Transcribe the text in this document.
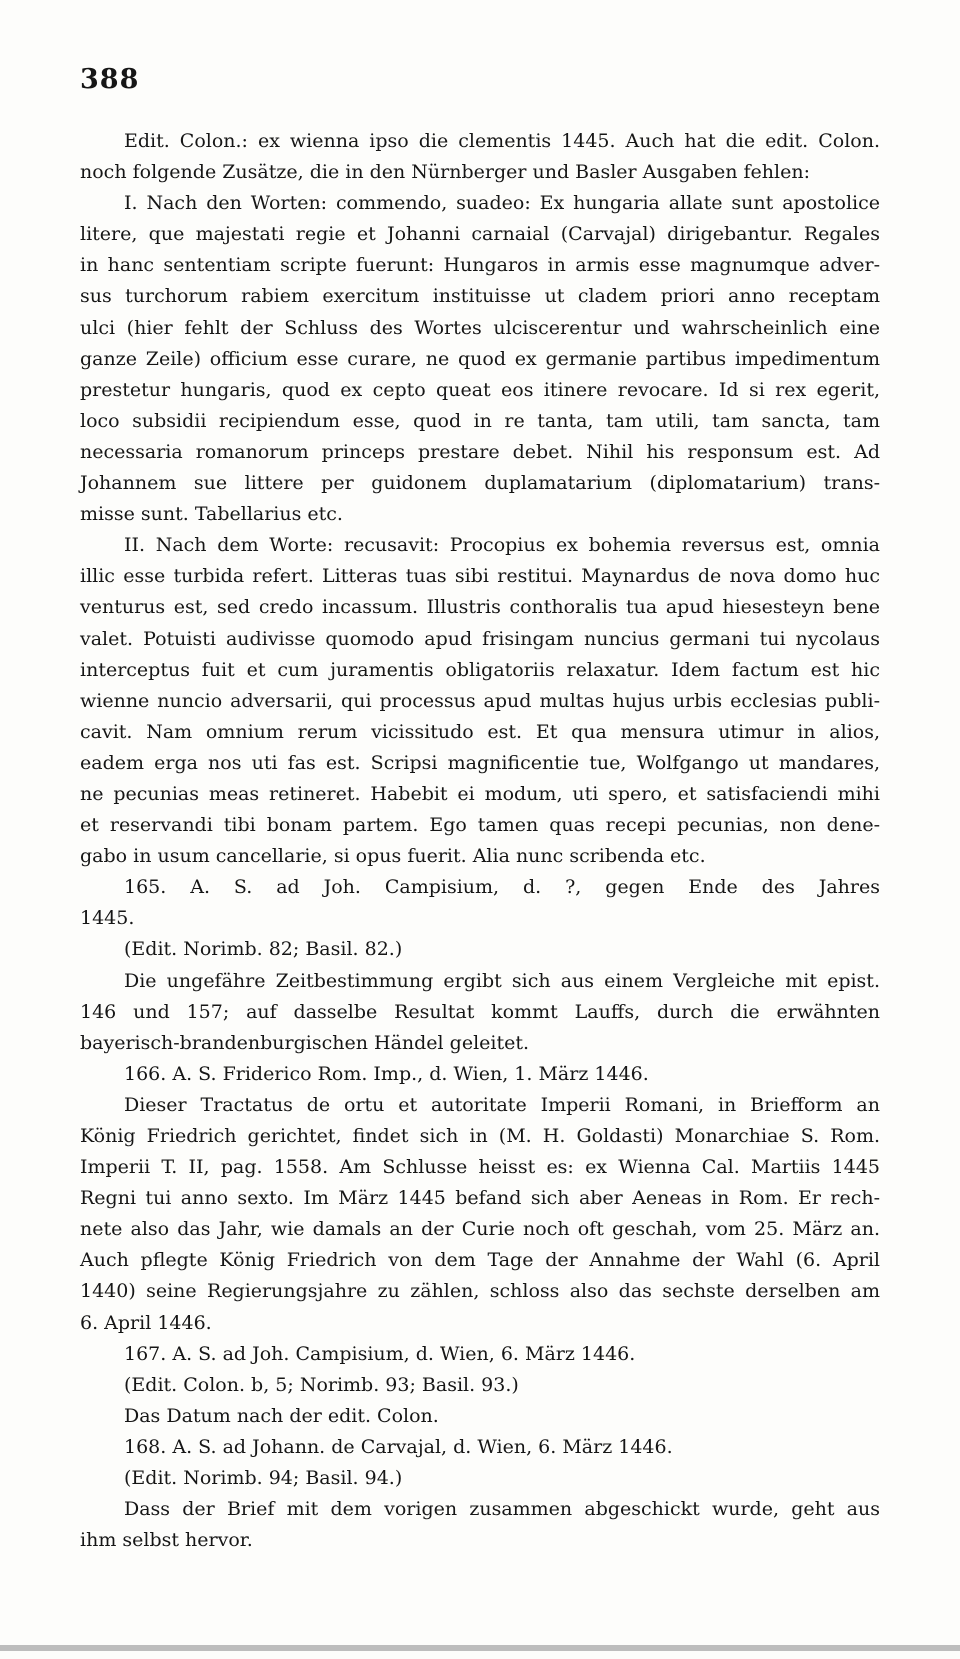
388
Edit. Colon.: ex wienna ipso die clementis 1445. Auch hat die edit. Colon.
noch folgende Zusätze, die in den Nürnberger und Basler Ausgaben fehlen:
I. Nach den Worten: commendo, suadeo: Ex hungaria allate sunt apostolice
litere, que majestati regie et Johanni carnaial (Carvajal) dirigebantur. Regales
in hanc sententiam scripte fuerunt: Hungaros in armis esse magnumque adver-
sus turchorum rabiem exercitum instituisse ut cladem priori anno receptam
ulci (hier fehlt der Schluss des Wortes ulciscerentur und wahrscheinlich eine
ganze Zeile) officium esse curare, ne quod ex germanie partibus impedimentum
prestetur hungaris, quod ex cepto queat eos itinere revocare. Id si rex egerit,
loco subsidii recipiendum esse, quod in re tanta, tam utili, tam sancta, tam
necessaria romanorum princeps prestare debet. Nihil his responsum est. Ad
Johannem sue littere per guidonem duplamatarium (diplomatarium) trans-
misse sunt. Tabellarius etc.
II. Nach dem Worte: recusavit: Procopius ex bohemia reversus est, omnia
illic esse turbida refert. Litteras tuas sibi restitui. Maynardus de nova domo huc
venturus est, sed credo incassum. Illustris conthoralis tua apud hiesesteyn bene
valet. Potuisti audivisse quomodo apud frisingam nuncius germani tui nycolaus
interceptus fuit et cum juramentis obligatoriis relaxatur. Idem factum est hic
wienne nuncio adversarii, qui processus apud multas hujus urbis ecclesias publi-
cavit. Nam omnium rerum vicissitudo est. Et qua mensura utimur in alios,
eadem erga nos uti fas est. Scripsi magnificentie tue, Wolfgango ut mandares,
ne pecunias meas retineret. Habebit ei modum, uti spero, et satisfaciendi mihi
et reservandi tibi bonam partem. Ego tamen quas recepi pecunias, non dene-
gabo in usum cancellarie, si opus fuerit. Alia nunc scribenda etc.
165. A. S. ad Joh. Campisium, d. ?, gegen Ende des Jahres
1445.
(Edit. Norimb. 82; Basil. 82.)
Die ungefähre Zeitbestimmung ergibt sich aus einem Vergleiche mit epist.
146 und 157; auf dasselbe Resultat kommt Lauffs, durch die erwähnten
bayerisch-brandenburgischen Händel geleitet.
166. A. S. Friderico Rom. Imp., d. Wien, 1. März 1446.
Dieser Tractatus de ortu et autoritate Imperii Romani, in Briefform an
König Friedrich gerichtet, findet sich in (M. H. Goldasti) Monarchiae S. Rom.
Imperii T. II, pag. 1558. Am Schlusse heisst es: ex Wienna Cal. Martiis 1445
Regni tui anno sexto. Im März 1445 befand sich aber Aeneas in Rom. Er rech-
nete also das Jahr, wie damals an der Curie noch oft geschah, vom 25. März an.
Auch pflegte König Friedrich von dem Tage der Annahme der Wahl (6. April
1440) seine Regierungsjahre zu zählen, schloss also das sechste derselben am
6. April 1446.
167. A. S. ad Joh. Campisium, d. Wien, 6. März 1446.
(Edit. Colon. b, 5; Norimb. 93; Basil. 93.)
Das Datum nach der edit. Colon.
168. A. S. ad Johann. de Carvajal, d. Wien, 6. März 1446.
(Edit. Norimb. 94; Basil. 94.)
Dass der Brief mit dem vorigen zusammen abgeschickt wurde, geht aus
ihm selbst hervor.
